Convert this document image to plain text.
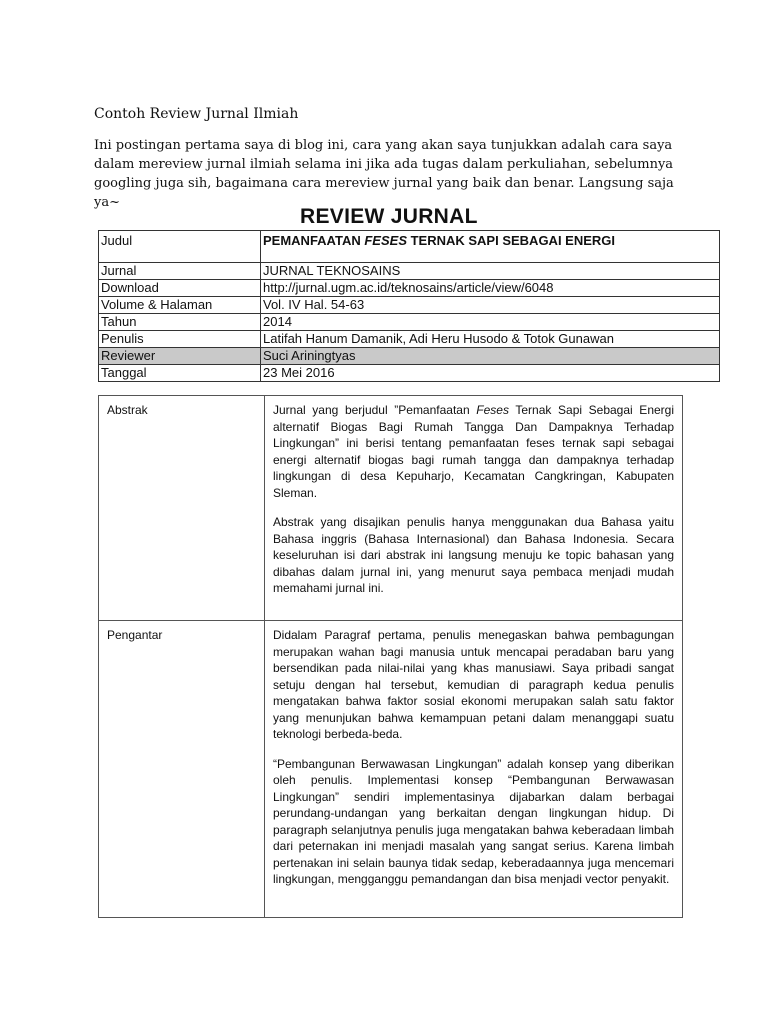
Contoh Review Jurnal Ilmiah

Ini postingan pertama saya di blog ini, cara yang akan saya tunjukkan adalah cara saya dalam mereview jurnal ilmiah selama ini jika ada tugas dalam perkuliahan, sebelumnya googling juga sih, bagaimana cara mereview jurnal yang baik dan benar. Langsung saja ya~

REVIEW JURNAL
Judul	PEMANFAATAN FESES TERNAK SAPI SEBAGAI ENERGI
Jurnal	JURNAL TEKNOSAINS
Download	http://jurnal.ugm.ac.id/teknosains/article/view/6048
Volume & Halaman	Vol. IV Hal. 54-63
Tahun	2014
Penulis	Latifah Hanum Damanik, Adi Heru Husodo & Totok Gunawan
Reviewer	Suci Ariningtyas
Tanggal	23 Mei 2016
Abstrak	Jurnal yang berjudul ”Pemanfaatan Feses Ternak Sapi Sebagai Energi alternatif Biogas Bagi Rumah Tangga Dan Dampaknya Terhadap Lingkungan” ini berisi tentang pemanfaatan feses ternak sapi sebagai energi alternatif biogas bagi rumah tangga dan dampaknya terhadap lingkungan di desa Kepuharjo, Kecamatan Cangkringan, Kabupaten Sleman.

Abstrak yang disajikan penulis hanya menggunakan dua Bahasa yaitu Bahasa inggris (Bahasa Internasional) dan Bahasa Indonesia. Secara keseluruhan isi dari abstrak ini langsung menuju ke topic bahasan yang dibahas dalam jurnal ini, yang menurut saya pembaca menjadi mudah memahami jurnal ini.

Pengantar	Didalam Paragraf pertama, penulis menegaskan bahwa pembagungan merupakan wahan bagi manusia untuk mencapai peradaban baru yang bersendikan pada nilai-nilai yang khas manusiawi. Saya pribadi sangat setuju dengan hal tersebut, kemudian di paragraph kedua penulis mengatakan bahwa faktor sosial ekonomi merupakan salah satu faktor yang menunjukan bahwa kemampuan petani dalam menanggapi suatu teknologi berbeda-beda.

“Pembangunan Berwawasan Lingkungan” adalah konsep yang diberikan oleh penulis. Implementasi konsep “Pembangunan Berwawasan Lingkungan” sendiri implementasinya dijabarkan dalam berbagai perundang-undangan yang berkaitan dengan lingkungan hidup. Di paragraph selanjutnya penulis juga mengatakan bahwa keberadaan limbah dari peternakan ini menjadi masalah yang sangat serius. Karena limbah pertenakan ini selain baunya tidak sedap, keberadaannya juga mencemari lingkungan, mengganggu pemandangan dan bisa menjadi vector penyakit.
